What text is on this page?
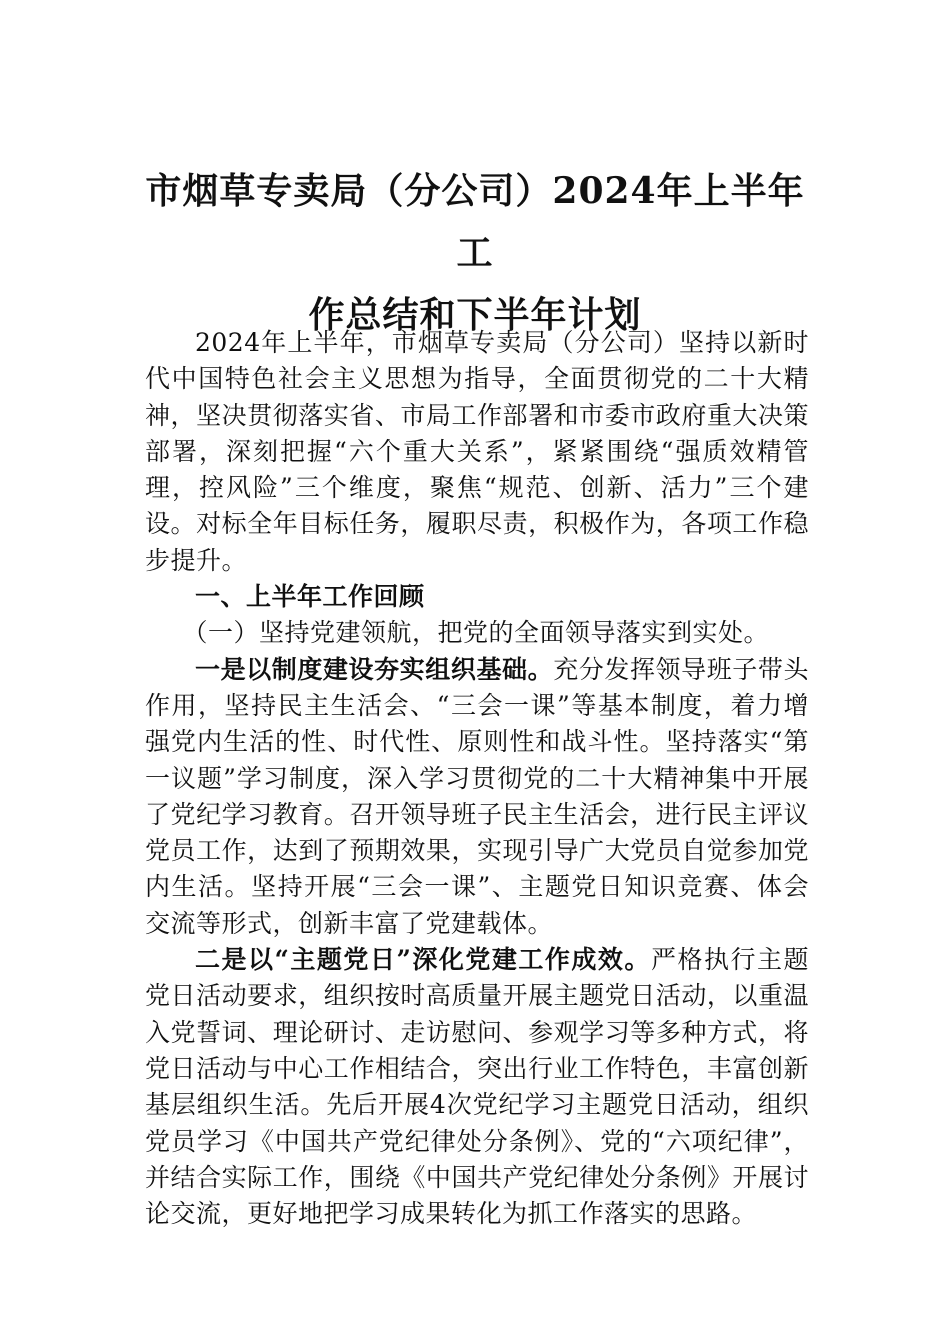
市烟草专卖局（分公司）2024年上半年工
作总结和下半年计划

2024年上半年，市烟草专卖局（分公司）坚持以新时代中国特色社会主义思想为指导，全面贯彻党的二十大精神，坚决贯彻落实省、市局工作部署和市委市政府重大决策部署，深刻把握“六个重大关系”，紧紧围绕“强质效精管理，控风险”三个维度，聚焦“规范、创新、活力”三个建设。对标全年目标任务，履职尽责，积极作为，各项工作稳步提升。

一、上半年工作回顾

（一）坚持党建领航，把党的全面领导落实到实处。

一是以制度建设夯实组织基础。充分发挥领导班子带头作用，坚持民主生活会、“三会一课”等基本制度，着力增强党内生活的性、时代性、原则性和战斗性。坚持落实“第一议题”学习制度，深入学习贯彻党的二十大精神集中开展了党纪学习教育。召开领导班子民主生活会，进行民主评议党员工作，达到了预期效果，实现引导广大党员自觉参加党内生活。坚持开展“三会一课”、主题党日知识竞赛、体会交流等形式，创新丰富了党建载体。

二是以“主题党日”深化党建工作成效。严格执行主题党日活动要求，组织按时高质量开展主题党日活动，以重温入党誓词、理论研讨、走访慰问、参观学习等多种方式，将党日活动与中心工作相结合，突出行业工作特色，丰富创新基层组织生活。先后开展4次党纪学习主题党日活动，组织党员学习《中国共产党纪律处分条例》、党的“六项纪律”，并结合实际工作，围绕《中国共产党纪律处分条例》开展讨论交流，更好地把学习成果转化为抓工作落实的思路。
